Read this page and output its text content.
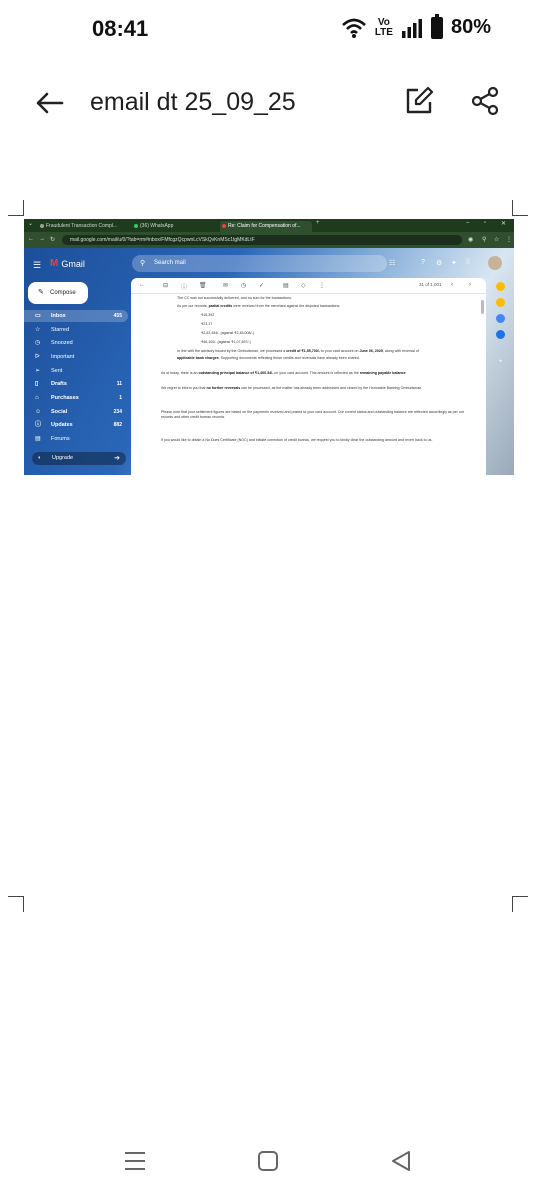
08:41	Vo
LTE	80%
email dt 25_09_25
⌄	Fraudulent Transaction Compl...	(36) WhatsApp	Re: Claim for Compensation of...	+	– ▫ ✕
← → ↻	mail.google.com/mail/u/0/?tab=rm#inbox/FMfcgzQcpwnLcVSkQvKnMSc1tgMKdLtF	◉ ⚲ ☆ ⋮
☰ M Gmail	⚲	Search mail	☷	? ⚙ ✦ ⁞⁞
✎ Compose
▭ Inbox	455
☆ Starred
◷ Snoozed
ᐅ Important
➢ Sent
▯ Drafts	11
⌂ Purchases	1
☺ Social	234
ⓘ Updates	882
▤ Forums
◐ Upgrade	➔
←	⊟ ⓘ 🗑	✉ ◷ ✓	▤ ◇ ⋮	31 of 1,001 ‹	›
• The CC was not successfully delivered, and no sum for the transactions.
• As per our records, partial credits were received from the merchant against the disputed transactions:
○ ₹16,392
○ ₹23.17
○ ₹2,52,454/- (against ₹2,48,008/-)
○ ₹46,100/- (against ₹1,07,897/-)
• In line with the advisory issued by the Ombudsman, we processed a credit of ₹1,55,700/- to your card account on June 06, 2025, along with reversal of
applicable bank charges. Supporting documents reflecting these credits and reversals have already been shared.
As of today, there is an outstanding principal balance of ₹1,400.34/- on your card account. This amount is reflected as the remaining payable balance.
We regret to inform you that no further reversals can be processed, as the matter has already been addressed and closed by the Honorable Banking Ombudsman.
Please note that your settlement figures are based on the payments received and posted to your card account. Our current status and outstanding balance are reflected accordingly as per our records and other credit bureau records.
If you would like to obtain a No Dues Certificate (NOC) and initiate correction of credit bureau, we request you to kindly clear the outstanding amount and revert back to us.
+
